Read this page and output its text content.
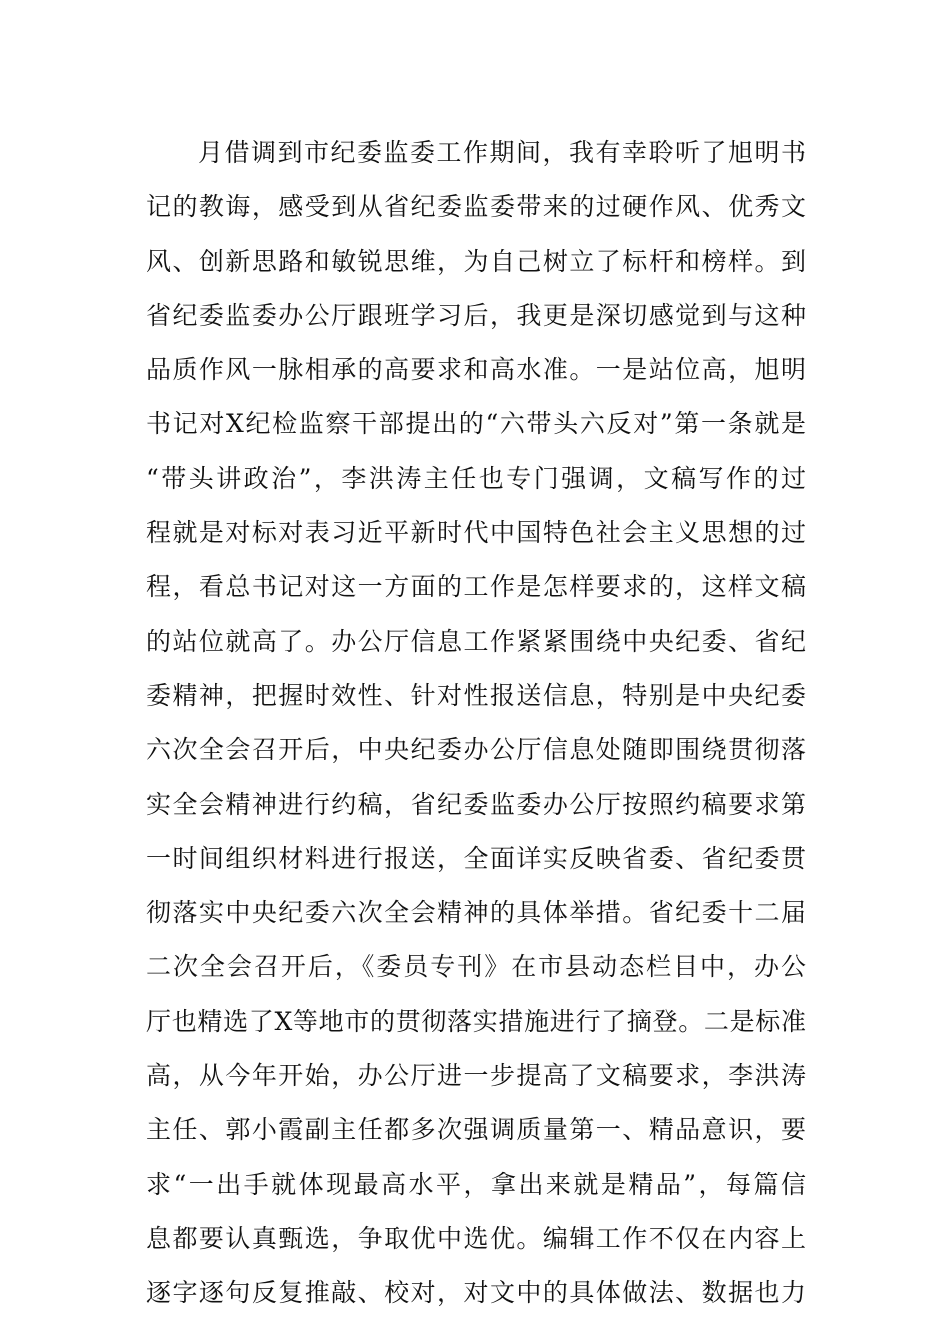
月借调到市纪委监委工作期间，我有幸聆听了旭明书
记的教诲，感受到从省纪委监委带来的过硬作风、优秀文
风、创新思路和敏锐思维，为自己树立了标杆和榜样。到
省纪委监委办公厅跟班学习后，我更是深切感觉到与这种
品质作风一脉相承的高要求和高水准。一是站位高，旭明
书记对X纪检监察干部提出的“六带头六反对”第一条就是
“带头讲政治”，李洪涛主任也专门强调，文稿写作的过
程就是对标对表习近平新时代中国特色社会主义思想的过
程，看总书记对这一方面的工作是怎样要求的，这样文稿
的站位就高了。办公厅信息工作紧紧围绕中央纪委、省纪
委精神，把握时效性、针对性报送信息，特别是中央纪委
六次全会召开后，中央纪委办公厅信息处随即围绕贯彻落
实全会精神进行约稿，省纪委监委办公厅按照约稿要求第
一时间组织材料进行报送，全面详实反映省委、省纪委贯
彻落实中央纪委六次全会精神的具体举措。省纪委十二届
二次全会召开后，《委员专刊》在市县动态栏目中，办公
厅也精选了X等地市的贯彻落实措施进行了摘登。二是标准
高，从今年开始，办公厅进一步提高了文稿要求，李洪涛
主任、郭小霞副主任都多次强调质量第一、精品意识，要
求“一出手就体现最高水平，拿出来就是精品”，每篇信
息都要认真甄选，争取优中选优。编辑工作不仅在内容上
逐字逐句反复推敲、校对，对文中的具体做法、数据也力
